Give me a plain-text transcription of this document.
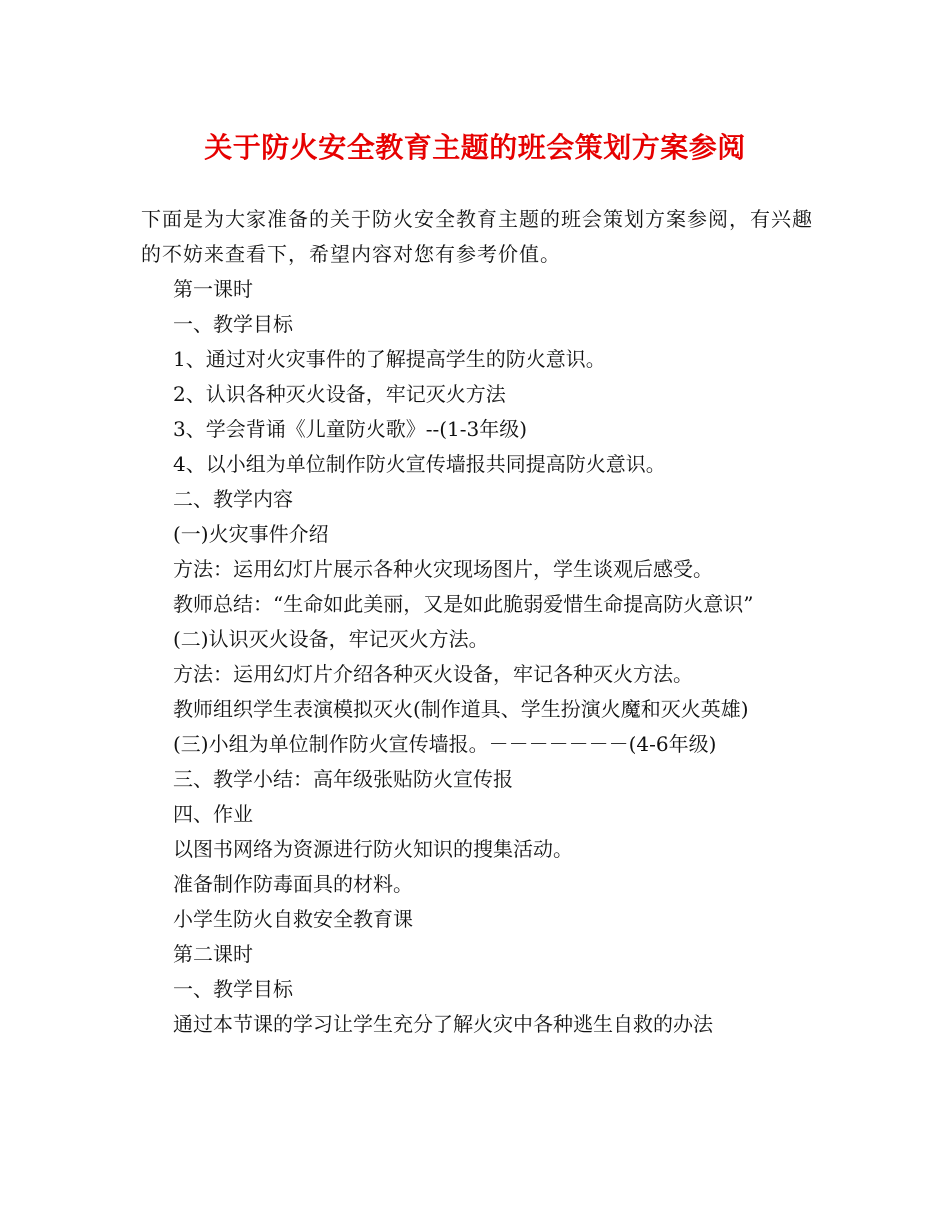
关于防火安全教育主题的班会策划方案参阅

下面是为大家准备的关于防火安全教育主题的班会策划方案参阅，有兴趣的不妨来查看下，希望内容对您有参考价值。

第一课时

一、教学目标

1、通过对火灾事件的了解提高学生的防火意识。

2、认识各种灭火设备，牢记灭火方法

3、学会背诵《儿童防火歌》--(1-3年级)

4、以小组为单位制作防火宣传墙报共同提高防火意识。

二、教学内容

(一)火灾事件介绍

方法：运用幻灯片展示各种火灾现场图片，学生谈观后感受。

教师总结：“生命如此美丽，又是如此脆弱爱惜生命提高防火意识”

(二)认识灭火设备，牢记灭火方法。

方法：运用幻灯片介绍各种灭火设备，牢记各种灭火方法。

教师组织学生表演模拟灭火(制作道具、学生扮演火魔和灭火英雄)

(三)小组为单位制作防火宣传墙报。－－－－－－－(4-6年级)

三、教学小结：高年级张贴防火宣传报

四、作业

以图书网络为资源进行防火知识的搜集活动。

准备制作防毒面具的材料。

小学生防火自救安全教育课

第二课时

一、教学目标

通过本节课的学习让学生充分了解火灾中各种逃生自救的办法
